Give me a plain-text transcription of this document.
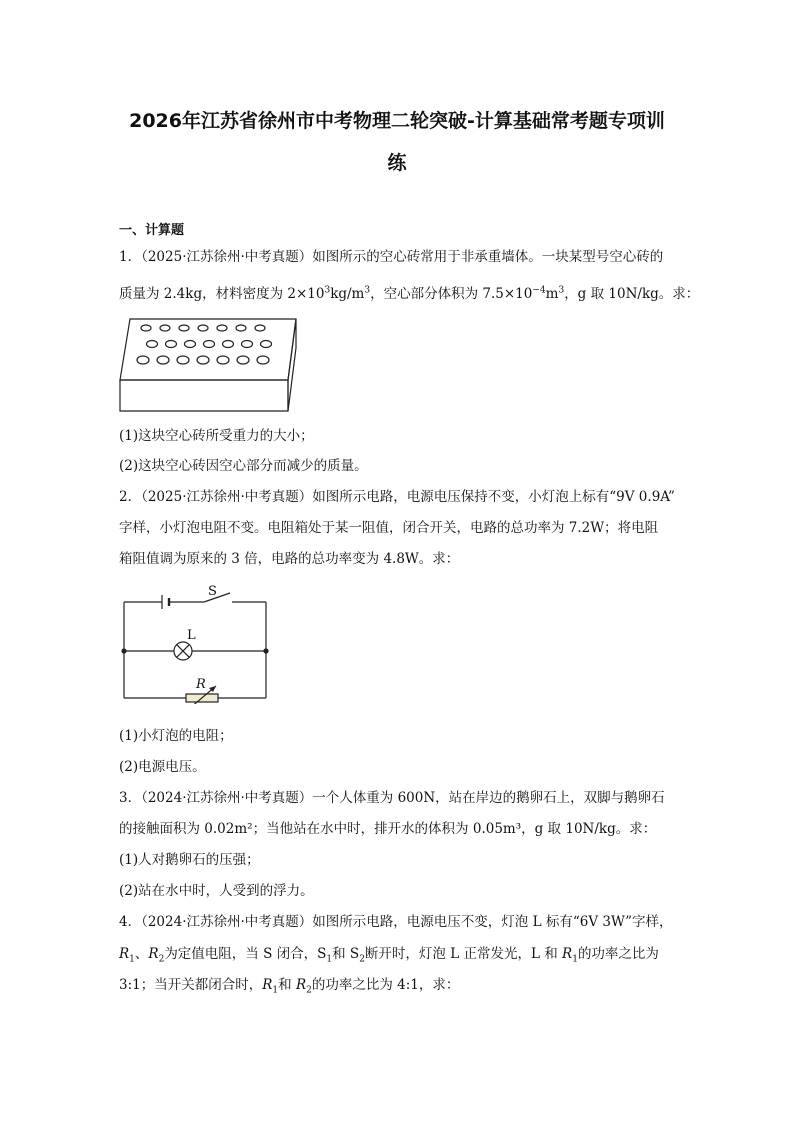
2026年江苏省徐州市中考物理二轮突破-计算基础常考题专项训
练
一、计算题
1．（2025·江苏徐州·中考真题）如图所示的空心砖常用于非承重墙体。一块某型号空心砖的
质量为 2.4kg，材料密度为 $2\times 10^3kg/m^3$，空心部分体积为 $7.5\times 10^{-4}m^3$，g 取 10N/kg。求：
(1)这块空心砖所受重力的大小；
(2)这块空心砖因空心部分而减少的质量。
2．（2025·江苏徐州·中考真题）如图所示电路，电源电压保持不变，小灯泡上标有“9V 0.9A”
字样，小灯泡电阻不变。电阻箱处于某一阻值，闭合开关，电路的总功率为 7.2W；将电阻
箱阻值调为原来的 3 倍，电路的总功率变为 4.8W。求：
S
L
R
(1)小灯泡的电阻；
(2)电源电压。
3．（2024·江苏徐州·中考真题）一个人体重为 600N，站在岸边的鹅卵石上，双脚与鹅卵石
的接触面积为 0.02m²；当他站在水中时，排开水的体积为 0.05m³，g 取 10N/kg。求：
(1)人对鹅卵石的压强；
(2)站在水中时，人受到的浮力。
4．（2024·江苏徐州·中考真题）如图所示电路，电源电压不变，灯泡 L 标有“6V 3W”字样，
$R_1$、$R_2$为定值电阻，当 S 闭合，$S_1$和 $S_2$断开时，灯泡 L 正常发光，L 和 $R_1$的功率之比为
3:1；当开关都闭合时，$R_1$和 $R_2$的功率之比为 4:1，求：
